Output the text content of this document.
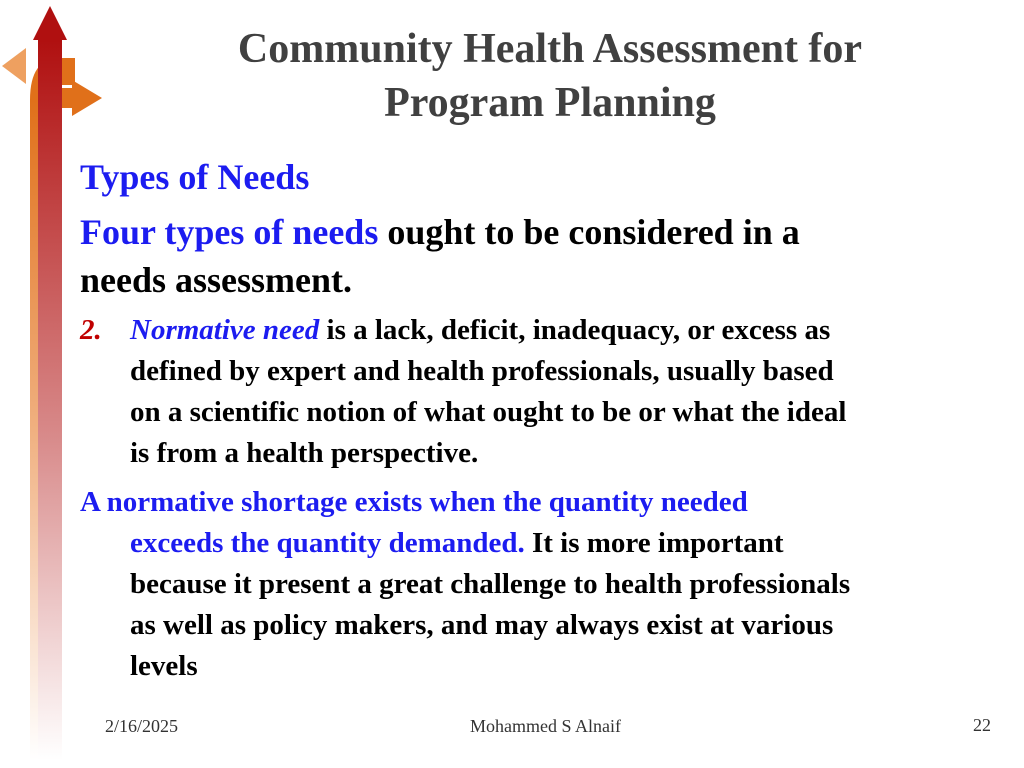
Community Health Assessment for
Program Planning
Types of Needs
Four types of needs ought to be considered in a
needs assessment.
2. Normative need is a lack, deficit, inadequacy, or excess as
defined by expert and health professionals, usually based
on a scientific notion of what ought to be or what the ideal
is from a health perspective.
A normative shortage exists when the quantity needed
exceeds the quantity demanded. It is more important
because it present a great challenge to health professionals
as well as policy makers, and may always exist at various
levels
2/16/2025	Mohammed S Alnaif	22
